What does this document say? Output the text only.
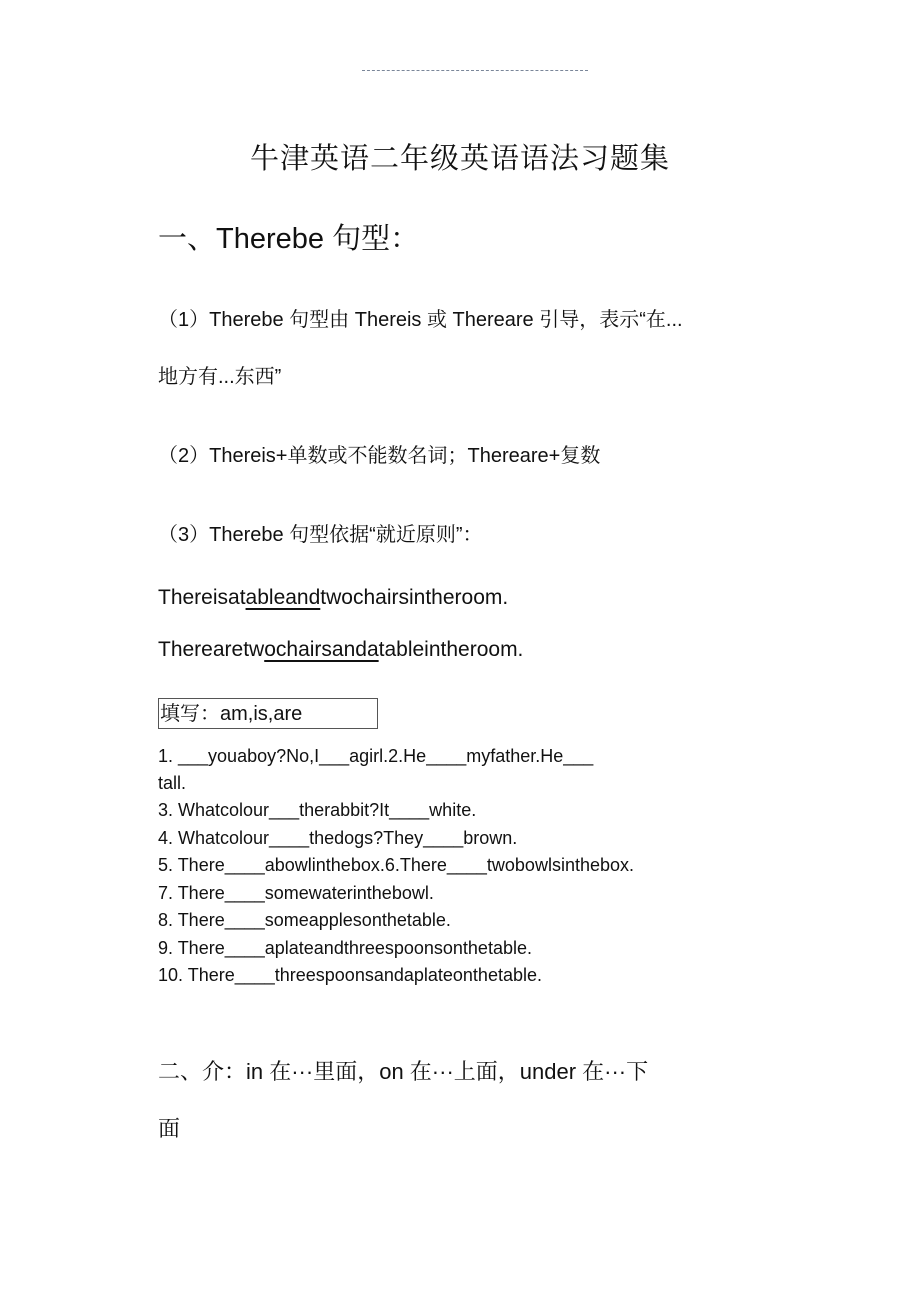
牛津英语二年级英语语法习题集
一、Therebe 句型：
（1）Therebe 句型由 Thereis 或 Thereare 引导，表示“在...
地方有...东西”
（2）Thereis+单数或不能数名词；Thereare+复数
（3）Therebe 句型依据“就近原则”：
Thereisatableandtwochairsintheroom.
Therearetwochairsandatableintheroom.
填写：am,is,are
1. ___youaboy?No,I___agirl.2.He____myfather.He___
tall.
3. Whatcolour___therabbit?It____white.
4. Whatcolour____thedogs?They____brown.
5. There____abowlinthebox.6.There____twobowlsinthebox.
7. There____somewaterinthebowl.
8. There____someapplesonthetable.
9. There____aplateandthreespoonsonthetable.
10. There____threespoonsandaplateonthetable.
二、介：in 在···里面，on 在···上面，under 在···下
面
